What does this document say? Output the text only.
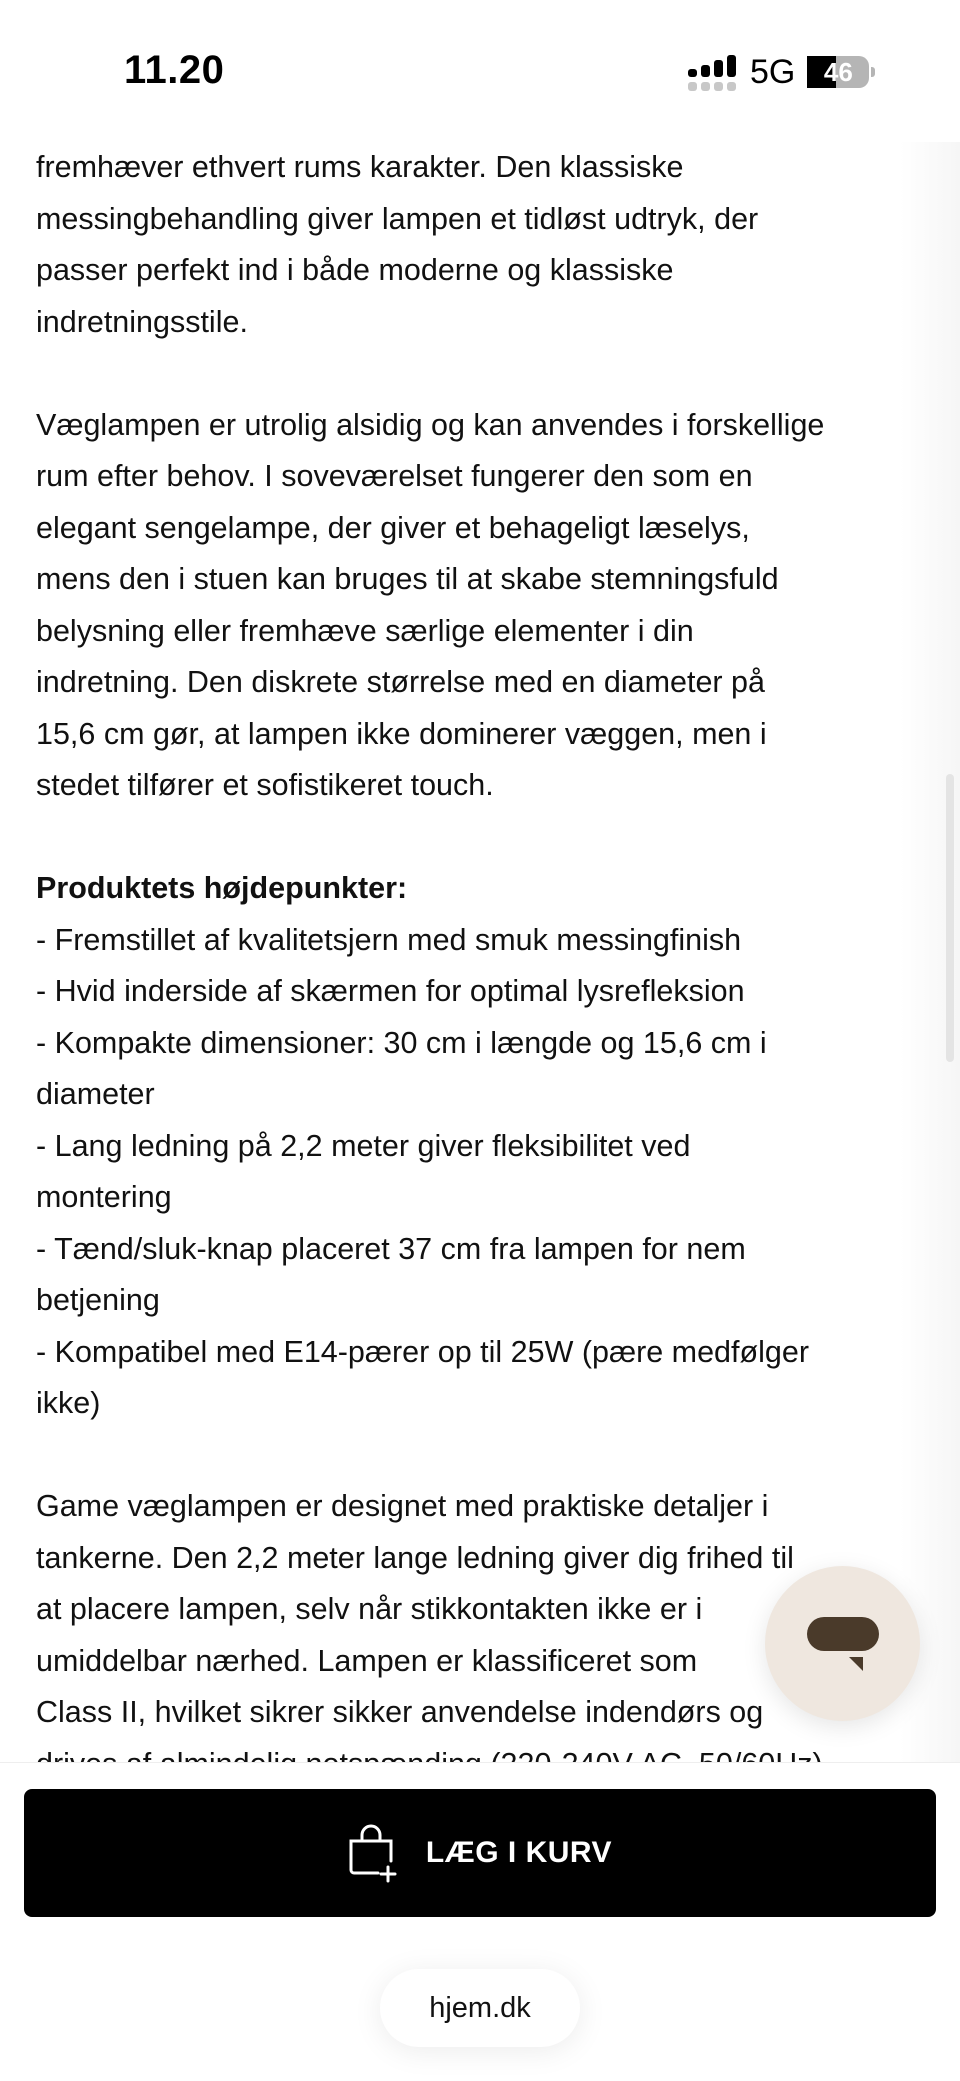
11.20	5G 46

fremhæver ethvert rums karakter. Den klassiske

messingbehandling giver lampen et tidløst udtryk, der

passer perfekt ind i både moderne og klassiske

indretningsstile.

Væglampen er utrolig alsidig og kan anvendes i forskellige

rum efter behov. I soveværelset fungerer den som en

elegant sengelampe, der giver et behageligt læselys,

mens den i stuen kan bruges til at skabe stemningsfuld

belysning eller fremhæve særlige elementer i din

indretning. Den diskrete størrelse med en diameter på

15,6 cm gør, at lampen ikke dominerer væggen, men i

stedet tilfører et sofistikeret touch.

Produktets højdepunkter:

- Fremstillet af kvalitetsjern med smuk messingfinish

- Hvid inderside af skærmen for optimal lysrefleksion

- Kompakte dimensioner: 30 cm i længde og 15,6 cm i

diameter

- Lang ledning på 2,2 meter giver fleksibilitet ved

montering

- Tænd/sluk-knap placeret 37 cm fra lampen for nem

betjening

- Kompatibel med E14-pærer op til 25W (pære medfølger

ikke)

Game væglampen er designet med praktiske detaljer i

tankerne. Den 2,2 meter lange ledning giver dig frihed til

at placere lampen, selv når stikkontakten ikke er i

umiddelbar nærhed. Lampen er klassificeret som

Class II, hvilket sikrer sikker anvendelse indendørs og

LÆG I KURV
hjem.dk
